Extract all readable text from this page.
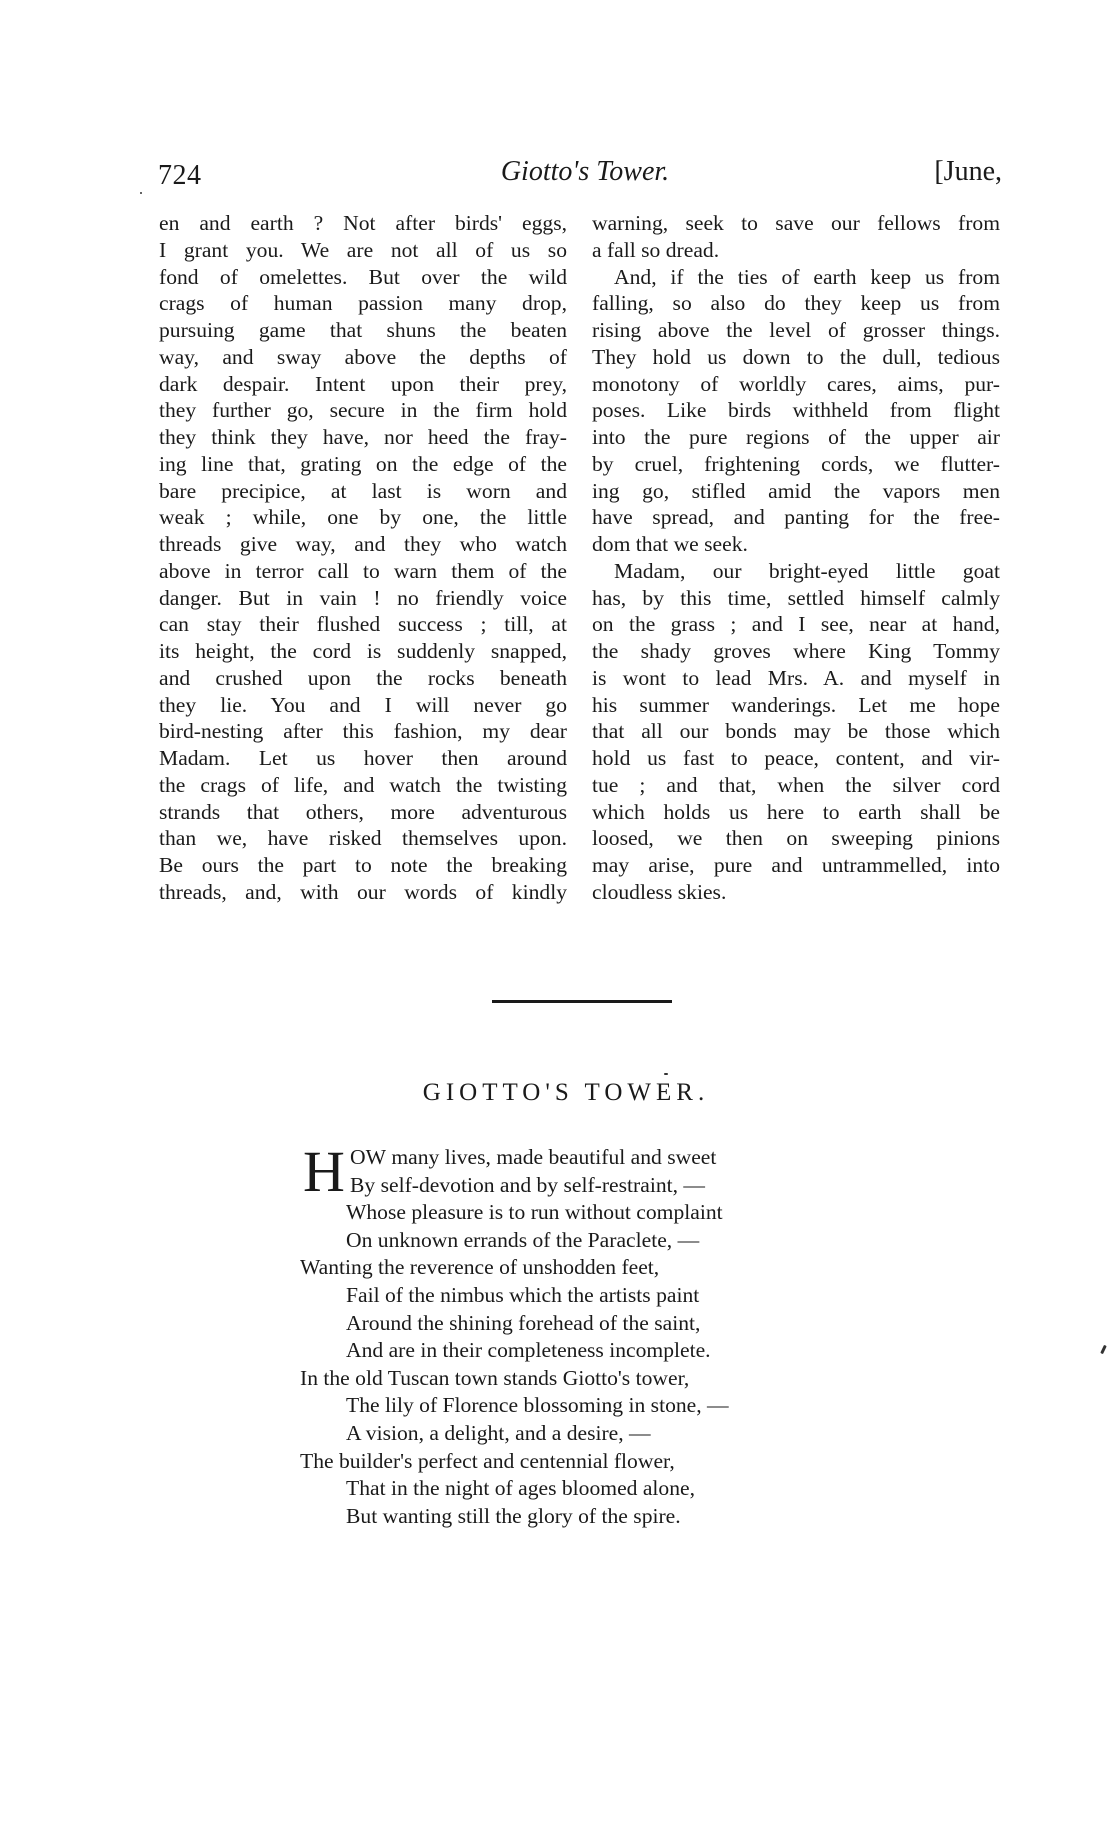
724	Giotto's Tower.	[June,
en and earth ? Not after birds' eggs,
I grant you. We are not all of us so
fond of omelettes. But over the wild
crags of human passion many drop,
pursuing game that shuns the beaten
way, and sway above the depths of
dark despair. Intent upon their prey,
they further go, secure in the firm hold
they think they have, nor heed the fray-
ing line that, grating on the edge of the
bare precipice, at last is worn and
weak ; while, one by one, the little
threads give way, and they who watch
above in terror call to warn them of the
danger. But in vain ! no friendly voice
can stay their flushed success ; till, at
its height, the cord is suddenly snapped,
and crushed upon the rocks beneath
they lie. You and I will never go
bird-nesting after this fashion, my dear
Madam. Let us hover then around
the crags of life, and watch the twisting
strands that others, more adventurous
than we, have risked themselves upon.
Be ours the part to note the breaking
threads, and, with our words of kindly
warning, seek to save our fellows from
a fall so dread.
And, if the ties of earth keep us from
falling, so also do they keep us from
rising above the level of grosser things.
They hold us down to the dull, tedious
monotony of worldly cares, aims, pur-
poses. Like birds withheld from flight
into the pure regions of the upper air
by cruel, frightening cords, we flutter-
ing go, stifled amid the vapors men
have spread, and panting for the free-
dom that we seek.
Madam, our bright-eyed little goat
has, by this time, settled himself calmly
on the grass ; and I see, near at hand,
the shady groves where King Tommy
is wont to lead Mrs. A. and myself in
his summer wanderings. Let me hope
that all our bonds may be those which
hold us fast to peace, content, and vir-
tue ; and that, when the silver cord
which holds us here to earth shall be
loosed, we then on sweeping pinions
may arise, pure and untrammelled, into
cloudless skies.
GIOTTO'S TOWER.
H OW many lives, made beautiful and sweet
By self-devotion and by self-restraint, —
Whose pleasure is to run without complaint
On unknown errands of the Paraclete, —
Wanting the reverence of unshodden feet,
Fail of the nimbus which the artists paint
Around the shining forehead of the saint,
And are in their completeness incomplete.
In the old Tuscan town stands Giotto's tower,
The lily of Florence blossoming in stone, —
A vision, a delight, and a desire, —
The builder's perfect and centennial flower,
That in the night of ages bloomed alone,
But wanting still the glory of the spire.
